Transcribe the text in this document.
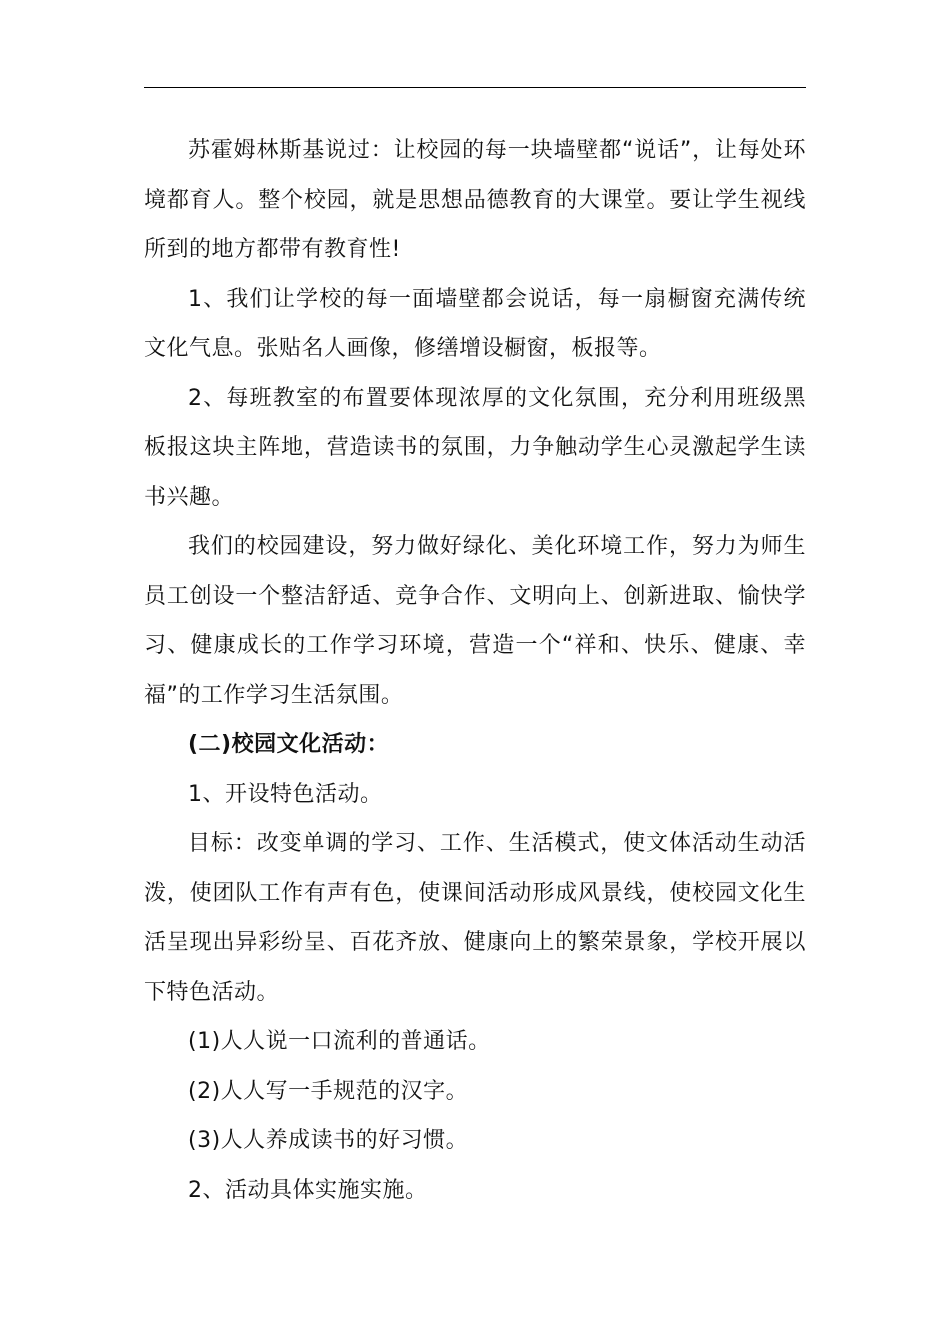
苏霍姆林斯基说过：让校园的每一块墙壁都“说话”，让每处环境都育人。整个校园，就是思想品德教育的大课堂。要让学生视线所到的地方都带有教育性!

1、我们让学校的每一面墙壁都会说话，每一扇橱窗充满传统文化气息。张贴名人画像，修缮增设橱窗，板报等。

2、每班教室的布置要体现浓厚的文化氛围，充分利用班级黑板报这块主阵地，营造读书的氛围，力争触动学生心灵激起学生读书兴趣。

我们的校园建设，努力做好绿化、美化环境工作，努力为师生员工创设一个整洁舒适、竞争合作、文明向上、创新进取、愉快学习、健康成长的工作学习环境，营造一个“祥和、快乐、健康、幸福”的工作学习生活氛围。

(二)校园文化活动：

1、开设特色活动。

目标：改变单调的学习、工作、生活模式，使文体活动生动活泼，使团队工作有声有色，使课间活动形成风景线，使校园文化生活呈现出异彩纷呈、百花齐放、健康向上的繁荣景象，学校开展以下特色活动。

(1)人人说一口流利的普通话。

(2)人人写一手规范的汉字。

(3)人人养成读书的好习惯。

2、活动具体实施实施。
